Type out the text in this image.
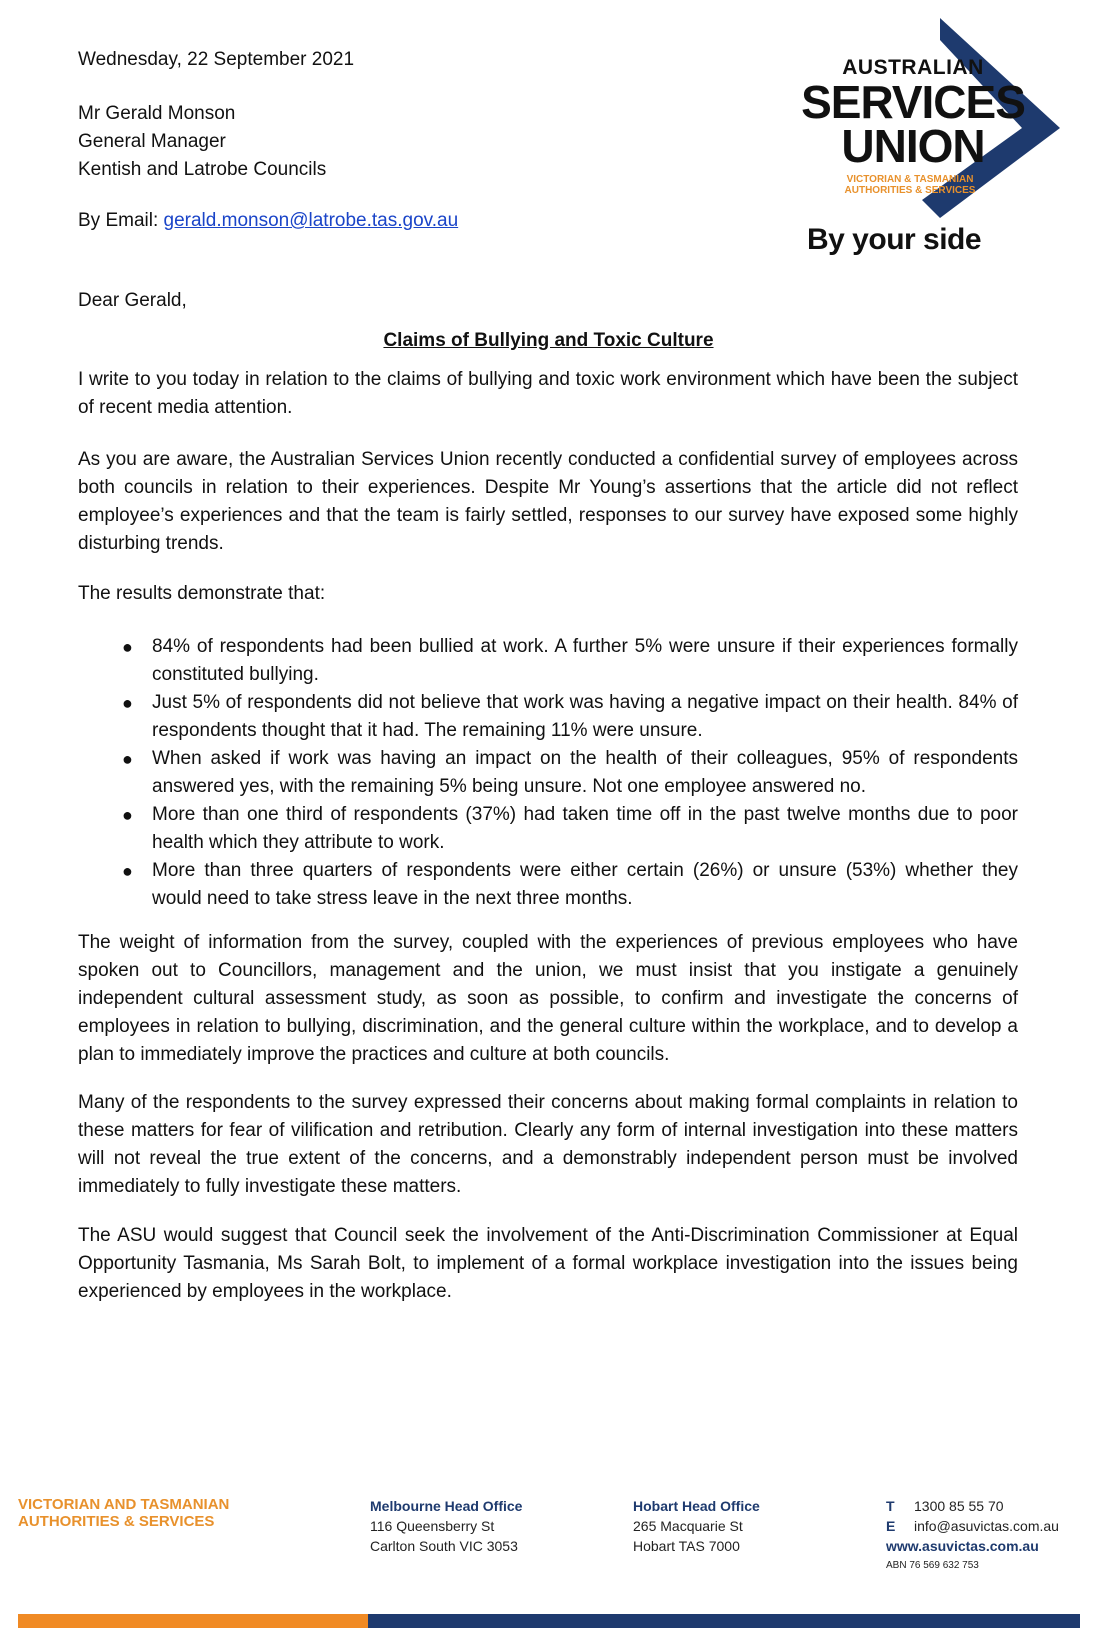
Wednesday, 22 September 2021
Mr Gerald Monson
General Manager
Kentish and Latrobe Councils
By Email: gerald.monson@latrobe.tas.gov.au
AUSTRALIAN
SERVICES
UNION
VICTORIAN & TASMANIAN
AUTHORITIES & SERVICES
By your side
Dear Gerald,
Claims of Bullying and Toxic Culture
I write to you today in relation to the claims of bullying and toxic work environment which have been the subject of recent media attention.
As you are aware, the Australian Services Union recently conducted a confidential survey of employees across both councils in relation to their experiences. Despite Mr Young’s assertions that the article did not reflect employee’s experiences and that the team is fairly settled, responses to our survey have exposed some highly disturbing trends.
The results demonstrate that:
● 84% of respondents had been bullied at work. A further 5% were unsure if their experiences formally constituted bullying.
● Just 5% of respondents did not believe that work was having a negative impact on their health. 84% of respondents thought that it had. The remaining 11% were unsure.
● When asked if work was having an impact on the health of their colleagues, 95% of respondents answered yes, with the remaining 5% being unsure. Not one employee answered no.
● More than one third of respondents (37%) had taken time off in the past twelve months due to poor health which they attribute to work.
● More than three quarters of respondents were either certain (26%) or unsure (53%) whether they would need to take stress leave in the next three months.
The weight of information from the survey, coupled with the experiences of previous employees who have spoken out to Councillors, management and the union, we must insist that you instigate a genuinely independent cultural assessment study, as soon as possible, to confirm and investigate the concerns of employees in relation to bullying, discrimination, and the general culture within the workplace, and to develop a plan to immediately improve the practices and culture at both councils.
Many of the respondents to the survey expressed their concerns about making formal complaints in relation to these matters for fear of vilification and retribution. Clearly any form of internal investigation into these matters will not reveal the true extent of the concerns, and a demonstrably independent person must be involved immediately to fully investigate these matters.
The ASU would suggest that Council seek the involvement of the Anti-Discrimination Commissioner at Equal Opportunity Tasmania, Ms Sarah Bolt, to implement of a formal workplace investigation into the issues being experienced by employees in the workplace.
VICTORIAN AND TASMANIAN
AUTHORITIES & SERVICES
Melbourne Head Office
116 Queensberry St
Carlton South VIC 3053
Hobart Head Office
265 Macquarie St
Hobart TAS 7000
T 1300 85 55 70
E info@asuvictas.com.au
www.asuvictas.com.au
ABN 76 569 632 753
